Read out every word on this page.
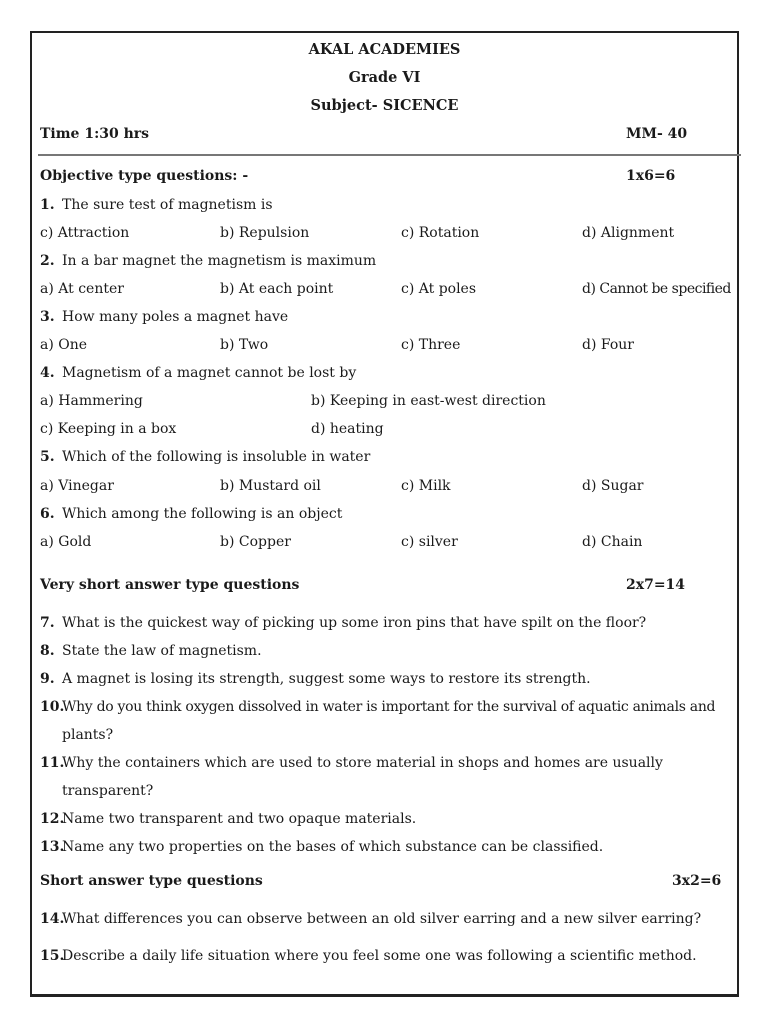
AKAL ACADEMIES
Grade VI
Subject- SICENCE
Time 1:30 hrs	MM- 40
Objective type questions: -	1x6=6
1. The sure test of magnetism is
c) Attraction	b) Repulsion	c) Rotation	d) Alignment
2. In a bar magnet the magnetism is maximum
a) At center	b) At each point	c) At poles	d) Cannot be specified
3. How many poles a magnet have
a) One	b) Two	c) Three	d) Four
4. Magnetism of a magnet cannot be lost by
a) Hammering	b) Keeping in east-west direction
c) Keeping in a box	d) heating
5. Which of the following is insoluble in water
a) Vinegar	b) Mustard oil	c) Milk	d) Sugar
6. Which among the following is an object
a) Gold	b) Copper	c) silver	d) Chain
Very short answer type questions	2x7=14
7. What is the quickest way of picking up some iron pins that have spilt on the floor?
8. State the law of magnetism.
9. A magnet is losing its strength, suggest some ways to restore its strength.
10.
Why do you think oxygen dissolved in water is important for the survival of aquatic animals and
plants?
11.
Why the containers which are used to store material in shops and homes are usually
transparent?
12.
Name two transparent and two opaque materials.
13.
Name any two properties on the bases of which substance can be classified.
Short answer type questions	3x2=6
14.
What differences you can observe between an old silver earring and a new silver earring?
15.
Describe a daily life situation where you feel some one was following a scientific method.
